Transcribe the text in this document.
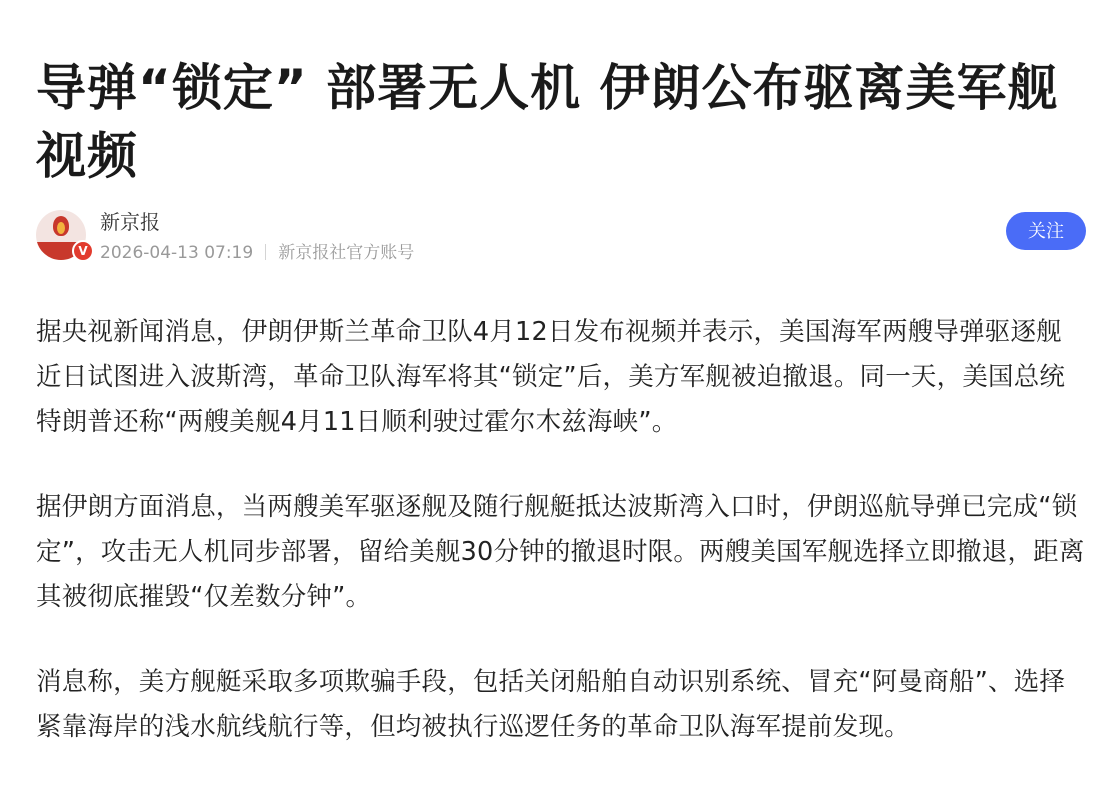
导弹“锁定” 部署无人机 伊朗公布驱离美军舰视频
V
新京报
2026-04-13 07:19 新京报社官方账号
关注

据央视新闻消息，伊朗伊斯兰革命卫队4月12日发布视频并表示，美国海军两艘导弹驱逐舰近日试图进入波斯湾，革命卫队海军将其“锁定”后，美方军舰被迫撤退。同一天，美国总统特朗普还称“两艘美舰4月11日顺利驶过霍尔木兹海峡”。

据伊朗方面消息，当两艘美军驱逐舰及随行舰艇抵达波斯湾入口时，伊朗巡航导弹已完成“锁定”，攻击无人机同步部署，留给美舰30分钟的撤退时限。两艘美国军舰选择立即撤退，距离其被彻底摧毁“仅差数分钟”。

消息称，美方舰艇采取多项欺骗手段，包括关闭船舶自动识别系统、冒充“阿曼商船”、选择紧靠海岸的浅水航线航行等，但均被执行巡逻任务的革命卫队海军提前发现。
